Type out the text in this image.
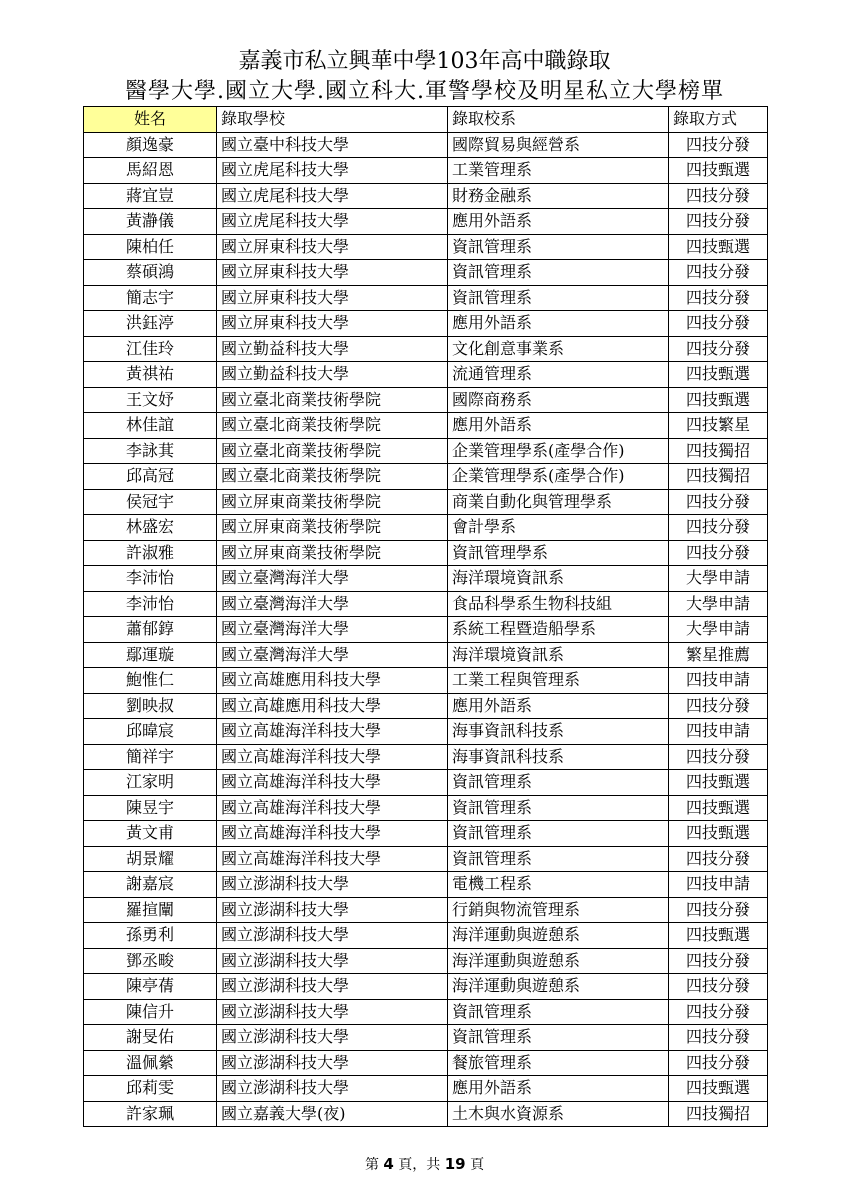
嘉義市私立興華中學103年高中職錄取
醫學大學.國立大學.國立科大.軍警學校及明星私立大學榜單
姓名	錄取學校	錄取校系	錄取方式
顏逸豪	國立臺中科技大學	國際貿易與經營系	四技分發
馬紹恩	國立虎尾科技大學	工業管理系	四技甄選
蔣宜豈	國立虎尾科技大學	財務金融系	四技分發
黃瀞儀	國立虎尾科技大學	應用外語系	四技分發
陳柏任	國立屏東科技大學	資訊管理系	四技甄選
蔡碩鴻	國立屏東科技大學	資訊管理系	四技分發
簡志宇	國立屏東科技大學	資訊管理系	四技分發
洪鈺渟	國立屏東科技大學	應用外語系	四技分發
江佳玲	國立勤益科技大學	文化創意事業系	四技分發
黃祺祐	國立勤益科技大學	流通管理系	四技甄選
王文妤	國立臺北商業技術學院	國際商務系	四技甄選
林佳誼	國立臺北商業技術學院	應用外語系	四技繁星
李詠萁	國立臺北商業技術學院	企業管理學系(產學合作)	四技獨招
邱高冠	國立臺北商業技術學院	企業管理學系(產學合作)	四技獨招
侯冠宇	國立屏東商業技術學院	商業自動化與管理學系	四技分發
林盛宏	國立屏東商業技術學院	會計學系	四技分發
許淑雅	國立屏東商業技術學院	資訊管理學系	四技分發
李沛怡	國立臺灣海洋大學	海洋環境資訊系	大學申請
李沛怡	國立臺灣海洋大學	食品科學系生物科技組	大學申請
蕭郁錞	國立臺灣海洋大學	系統工程暨造船學系	大學申請
鄢運璇	國立臺灣海洋大學	海洋環境資訊系	繁星推薦
鮑惟仁	國立高雄應用科技大學	工業工程與管理系	四技申請
劉映叔	國立高雄應用科技大學	應用外語系	四技分發
邱暐宸	國立高雄海洋科技大學	海事資訊科技系	四技申請
簡祥宇	國立高雄海洋科技大學	海事資訊科技系	四技分發
江家明	國立高雄海洋科技大學	資訊管理系	四技甄選
陳昱宇	國立高雄海洋科技大學	資訊管理系	四技甄選
黃文甫	國立高雄海洋科技大學	資訊管理系	四技甄選
胡景耀	國立高雄海洋科技大學	資訊管理系	四技分發
謝嘉宸	國立澎湖科技大學	電機工程系	四技申請
羅揎闡	國立澎湖科技大學	行銷與物流管理系	四技分發
孫勇利	國立澎湖科技大學	海洋運動與遊憩系	四技甄選
鄧丞畯	國立澎湖科技大學	海洋運動與遊憩系	四技分發
陳亭蒨	國立澎湖科技大學	海洋運動與遊憩系	四技分發
陳信升	國立澎湖科技大學	資訊管理系	四技分發
謝旻佑	國立澎湖科技大學	資訊管理系	四技分發
溫佩縈	國立澎湖科技大學	餐旅管理系	四技分發
邱莉雯	國立澎湖科技大學	應用外語系	四技甄選
許家珮	國立嘉義大學(夜)	土木與水資源系	四技獨招
第 4 頁，共 19 頁
